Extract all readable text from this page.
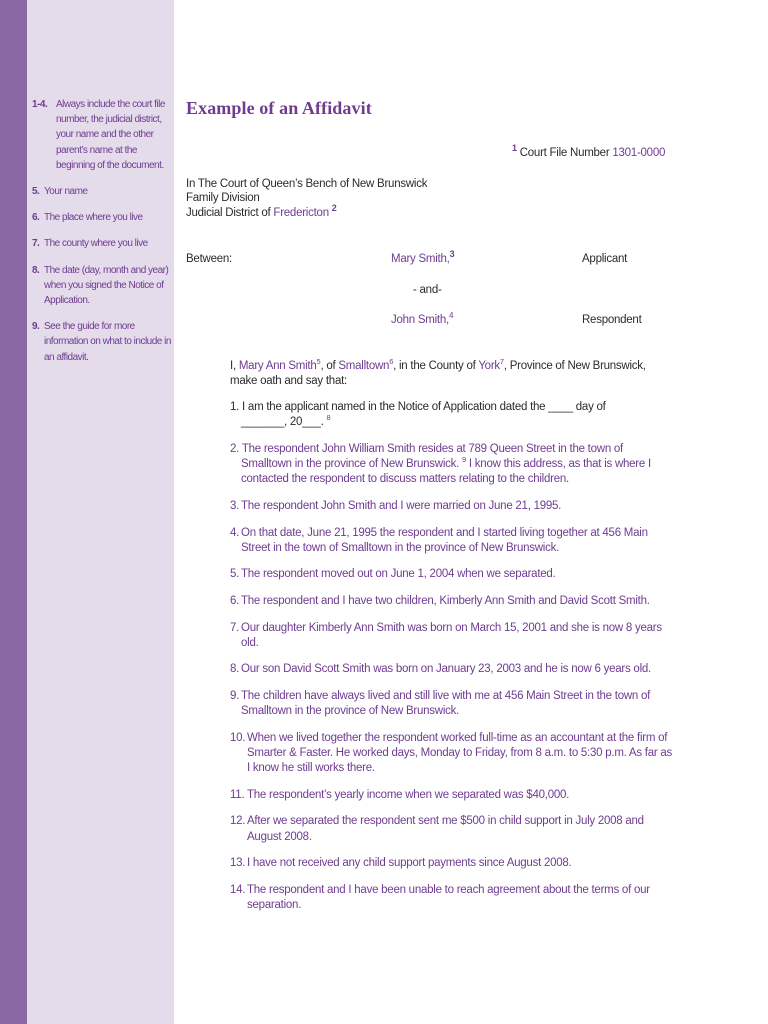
1-4. Always include the court file number, the judicial district, your name and the other parent’s name at the beginning of the document.
5. Your name
6. The place where you live
7. The county where you live
8. The date (day, month and year) when you signed the Notice of Application.
9. See the guide for more information on what to include in an affidavit.
Example of an Affidavit
$^1$ Court File Number 1301-0000
In The Court of Queen’s Bench of New Brunswick
Family Division
Judicial District of Fredericton $^2$
Between:	Mary Smith,$^3$	Applicant
- and-
John Smith,$^4$	Respondent
I, Mary Ann Smith$^5$, of Smalltown$^6$, in the County of York$^7$, Province of New Brunswick,
make oath and say that:
1. I am the applicant named in the Notice of Application dated the ____ day of
_______, 20___. $^8$
2. The respondent John William Smith resides at 789 Queen Street in the town of
Smalltown in the province of New Brunswick. $^9$ I know this address, as that is where I
contacted the respondent to discuss matters relating to the children.
3. The respondent John Smith and I were married on June 21, 1995.
4. On that date, June 21, 1995 the respondent and I started living together at 456 Main Street in the town of Smalltown in the province of New Brunswick.
5. The respondent moved out on June 1, 2004 when we separated.
6. The respondent and I have two children, Kimberly Ann Smith and David Scott Smith.
7. Our daughter Kimberly Ann Smith was born on March 15, 2001 and she is now 8 years old.
8. Our son David Scott Smith was born on January 23, 2003 and he is now 6 years old.
9. The children have always lived and still live with me at 456 Main Street in the town of Smalltown in the province of New Brunswick.
10. When we lived together the respondent worked full-time as an accountant at the firm of Smarter & Faster. He worked days, Monday to Friday, from 8 a.m. to 5:30 p.m. As far as I know he still works there.
11. The respondent’s yearly income when we separated was $40,000.
12. After we separated the respondent sent me $500 in child support in July 2008 and August 2008.
13. I have not received any child support payments since August 2008.
14. The respondent and I have been unable to reach agreement about the terms of our separation.
